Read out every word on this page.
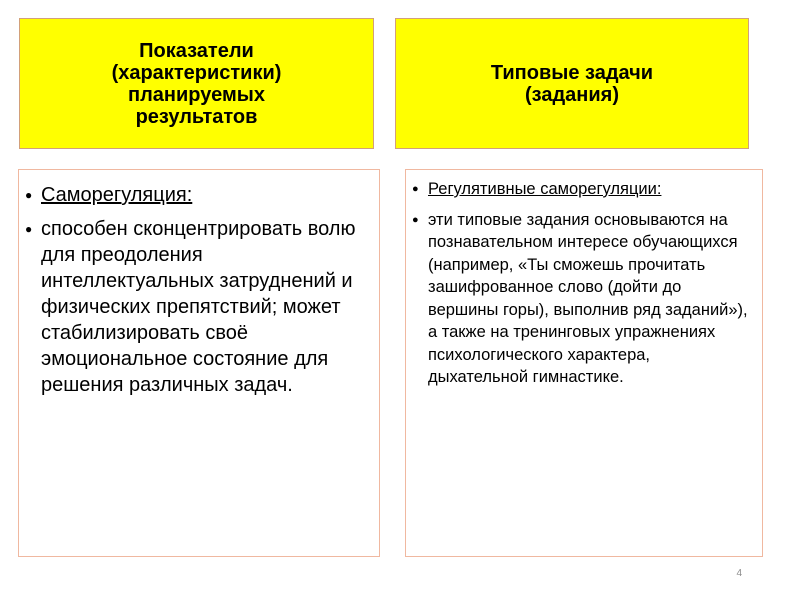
Показатели
(характеристики)
планируемых
результатов
Типовые задачи
(задания)
● Саморегуляция:
● способен сконцентрировать волю для преодоления интеллектуальных затруднений и физических препятствий; может стабилизировать своё эмоциональное состояние для решения различных задач.
● Регулятивные саморегуляции:
● эти типовые задания основываются на познавательном интересе обучающихся (например, «Ты сможешь прочитать зашифрованное слово (дойти до вершины горы), выполнив ряд заданий»), а также на тренинговых упражнениях психологического характера, дыхательной гимнастике.
4
